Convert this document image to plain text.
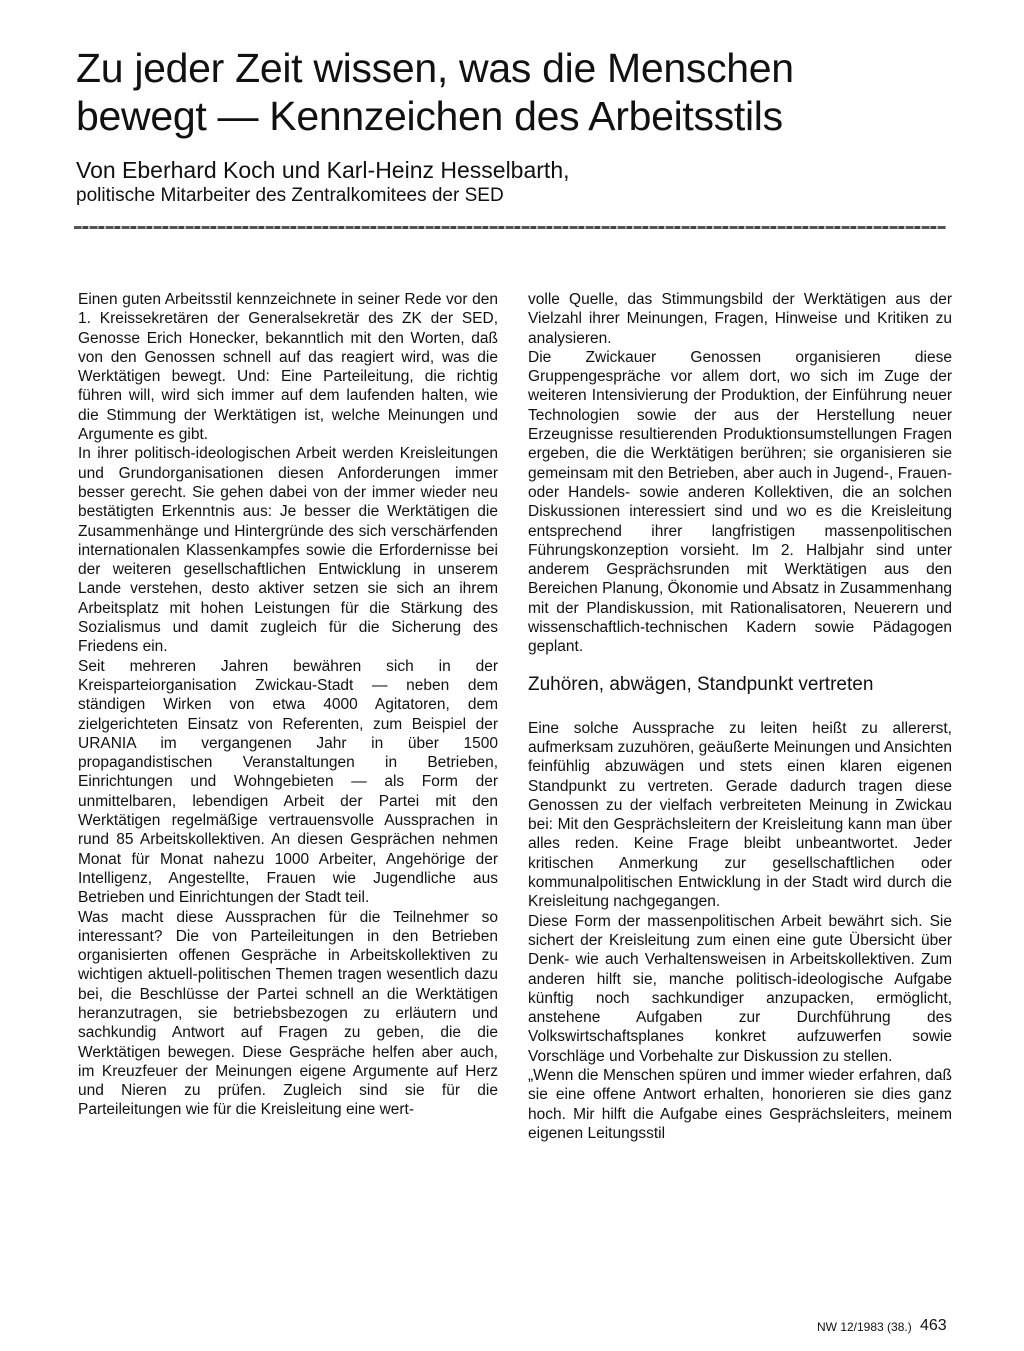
Zu jeder Zeit wissen, was die Menschen
bewegt — Kennzeichen des Arbeitsstils
Von Eberhard Koch und Karl-Heinz Hesselbarth,
politische Mitarbeiter des Zentralkomitees der SED

Einen guten Arbeitsstil kennzeichnete in seiner Rede vor den 1. Kreissekretären der Generalsekretär des ZK der SED, Genosse Erich Honecker, bekanntlich mit den Worten, daß von den Genossen schnell auf das reagiert wird, was die Werktätigen bewegt. Und: Eine Parteileitung, die richtig führen will, wird sich immer auf dem laufenden halten, wie die Stimmung der Werktätigen ist, welche Meinungen und Argumente es gibt.

In ihrer politisch-ideologischen Arbeit werden Kreisleitungen und Grundorganisationen diesen Anforderungen immer besser gerecht. Sie gehen dabei von der immer wieder neu bestätigten Erkenntnis aus: Je besser die Werktätigen die Zusammenhänge und Hintergründe des sich verschärfenden internationalen Klassenkampfes sowie die Erfordernisse bei der weiteren gesellschaftlichen Entwicklung in unserem Lande verstehen, desto aktiver setzen sie sich an ihrem Arbeitsplatz mit hohen Leistungen für die Stärkung des Sozialismus und damit zugleich für die Sicherung des Friedens ein.

Seit mehreren Jahren bewähren sich in der Kreisparteiorganisation Zwickau-Stadt — neben dem ständigen Wirken von etwa 4000 Agitatoren, dem zielgerichteten Einsatz von Referenten, zum Beispiel der URANIA im vergangenen Jahr in über 1500 propagandistischen Veranstaltungen in Betrieben, Einrichtungen und Wohngebieten — als Form der unmittelbaren, lebendigen Arbeit der Partei mit den Werktätigen regelmäßige vertrauensvolle Aussprachen in rund 85 Arbeitskollektiven. An diesen Gesprächen nehmen Monat für Monat nahezu 1000 Arbeiter, Angehörige der Intelligenz, Angestellte, Frauen wie Jugendliche aus Betrieben und Einrichtungen der Stadt teil.

Was macht diese Aussprachen für die Teilnehmer so interessant? Die von Parteileitungen in den Betrieben organisierten offenen Gespräche in Arbeitskollektiven zu wichtigen aktuell-politischen Themen tragen wesentlich dazu bei, die Beschlüsse der Partei schnell an die Werktätigen heranzutragen, sie betriebsbezogen zu erläutern und sachkundig Antwort auf Fragen zu geben, die die Werktätigen bewegen. Diese Gespräche helfen aber auch, im Kreuzfeuer der Meinungen eigene Argumente auf Herz und Nieren zu prüfen. Zugleich sind sie für die Parteileitungen wie für die Kreisleitung eine wert-

volle Quelle, das Stimmungsbild der Werktätigen aus der Vielzahl ihrer Meinungen, Fragen, Hinweise und Kritiken zu analysieren.

Die Zwickauer Genossen organisieren diese Gruppengespräche vor allem dort, wo sich im Zuge der weiteren Intensivierung der Produktion, der Einführung neuer Technologien sowie der aus der Herstellung neuer Erzeugnisse resultierenden Produktionsumstellungen Fragen ergeben, die die Werktätigen berühren; sie organisieren sie gemeinsam mit den Betrieben, aber auch in Jugend-, Frauen- oder Handels- sowie anderen Kollektiven, die an solchen Diskussionen interessiert sind und wo es die Kreisleitung entsprechend ihrer langfristigen massenpolitischen Führungskonzeption vorsieht. Im 2. Halbjahr sind unter anderem Gesprächsrunden mit Werktätigen aus den Bereichen Planung, Ökonomie und Absatz in Zusammenhang mit der Plandiskussion, mit Rationalisatoren, Neuerern und wissenschaftlich-technischen Kadern sowie Pädagogen geplant.

Zuhören, abwägen, Standpunkt vertreten

Eine solche Aussprache zu leiten heißt zu allererst, aufmerksam zuzuhören, geäußerte Meinungen und Ansichten feinfühlig abzuwägen und stets einen klaren eigenen Standpunkt zu vertreten. Gerade dadurch tragen diese Genossen zu der vielfach verbreiteten Meinung in Zwickau bei: Mit den Gesprächsleitern der Kreisleitung kann man über alles reden. Keine Frage bleibt unbeantwortet. Jeder kritischen Anmerkung zur gesellschaftlichen oder kommunalpolitischen Entwicklung in der Stadt wird durch die Kreisleitung nachgegangen.

Diese Form der massenpolitischen Arbeit bewährt sich. Sie sichert der Kreisleitung zum einen eine gute Übersicht über Denk- wie auch Verhaltensweisen in Arbeitskollektiven. Zum anderen hilft sie, manche politisch-ideologische Aufgabe künftig noch sachkundiger anzupacken, ermöglicht, anstehene Aufgaben zur Durchführung des Volkswirtschaftsplanes konkret aufzuwerfen sowie Vorschläge und Vorbehalte zur Diskussion zu stellen.

„Wenn die Menschen spüren und immer wieder erfahren, daß sie eine offene Antwort erhalten, honorieren sie dies ganz hoch. Mir hilft die Aufgabe eines Gesprächsleiters, meinem eigenen Leitungsstil

NW 12/1983 (38.) 463
